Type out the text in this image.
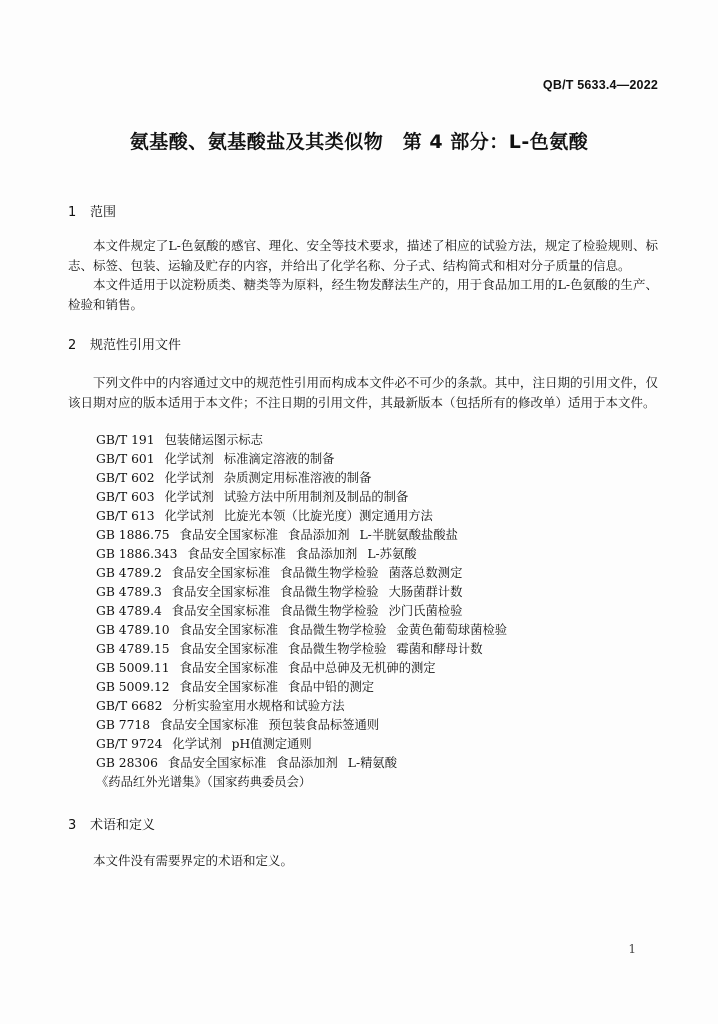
QB/T 5633.4—2022
氨基酸、氨基酸盐及其类似物　第 4 部分：L-色氨酸
1 范围

本文件规定了L-色氨酸的感官、理化、安全等技术要求，描述了相应的试验方法，规定了检验规则、标志、标签、包装、运输及贮存的内容，并给出了化学名称、分子式、结构简式和相对分子质量的信息。

本文件适用于以淀粉质类、糖类等为原料，经生物发酵法生产的，用于食品加工用的L-色氨酸的生产、检验和销售。

2 规范性引用文件

下列文件中的内容通过文中的规范性引用而构成本文件必不可少的条款。其中，注日期的引用文件，仅该日期对应的版本适用于本文件；不注日期的引用文件，其最新版本（包括所有的修改单）适用于本文件。

GB/T 191 包装储运图示标志
GB/T 601 化学试剂 标准滴定溶液的制备
GB/T 602 化学试剂 杂质测定用标准溶液的制备
GB/T 603 化学试剂 试验方法中所用制剂及制品的制备
GB/T 613 化学试剂 比旋光本领（比旋光度）测定通用方法
GB 1886.75 食品安全国家标准 食品添加剂 L-半胱氨酸盐酸盐
GB 1886.343 食品安全国家标准 食品添加剂 L-苏氨酸
GB 4789.2 食品安全国家标准 食品微生物学检验 菌落总数测定
GB 4789.3 食品安全国家标准 食品微生物学检验 大肠菌群计数
GB 4789.4 食品安全国家标准 食品微生物学检验 沙门氏菌检验
GB 4789.10 食品安全国家标准 食品微生物学检验 金黄色葡萄球菌检验
GB 4789.15 食品安全国家标准 食品微生物学检验 霉菌和酵母计数
GB 5009.11 食品安全国家标准 食品中总砷及无机砷的测定
GB 5009.12 食品安全国家标准 食品中铅的测定
GB/T 6682 分析实验室用水规格和试验方法
GB 7718 食品安全国家标准 预包装食品标签通则
GB/T 9724 化学试剂 pH值测定通则
GB 28306 食品安全国家标准 食品添加剂 L-精氨酸
《药品红外光谱集》（国家药典委员会）
3 术语和定义

本文件没有需要界定的术语和定义。

1
